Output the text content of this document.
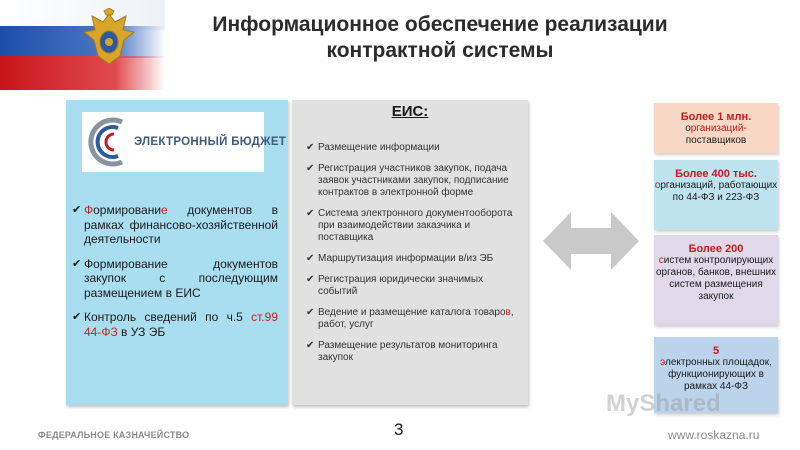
Информационное обеспечение реализации
контрактной системы
ЭЛЕКТРОННЫЙ БЮДЖЕТ
✔ Формирование документов в рамках финансово-хозяйственной деятельности
✔ Формирование документов закупок с последующим размещением в ЕИС
✔ Контроль сведений по ч.5 ст.99 44-ФЗ в УЗ ЭБ
ЕИС:
✔ Размещение информации
✔ Регистрация участников закупок, подача заявок участниками закупок, подписание контрактов в электронной форме
✔ Система электронного документооборота при взаимодействии заказчика и поставщика
✔ Маршрутизация информации в/из ЭБ
✔ Регистрация юридически значимых событий
✔ Ведение и размещение каталога товаров, работ, услуг
✔ Размещение результатов мониторинга закупок
Более 1 млн.
организаций-
поставщиков
Более 400 тыс.
организаций, работающих по 44-ФЗ и 223-ФЗ
Более 200
систем контролирующих органов, банков, внешних систем размещения закупок
5
электронных площадок, функционирующих в рамках 44-ФЗ
MyShared
3
ФЕДЕРАЛЬНОЕ КАЗНАЧЕЙСТВО	www.roskazna.ru
